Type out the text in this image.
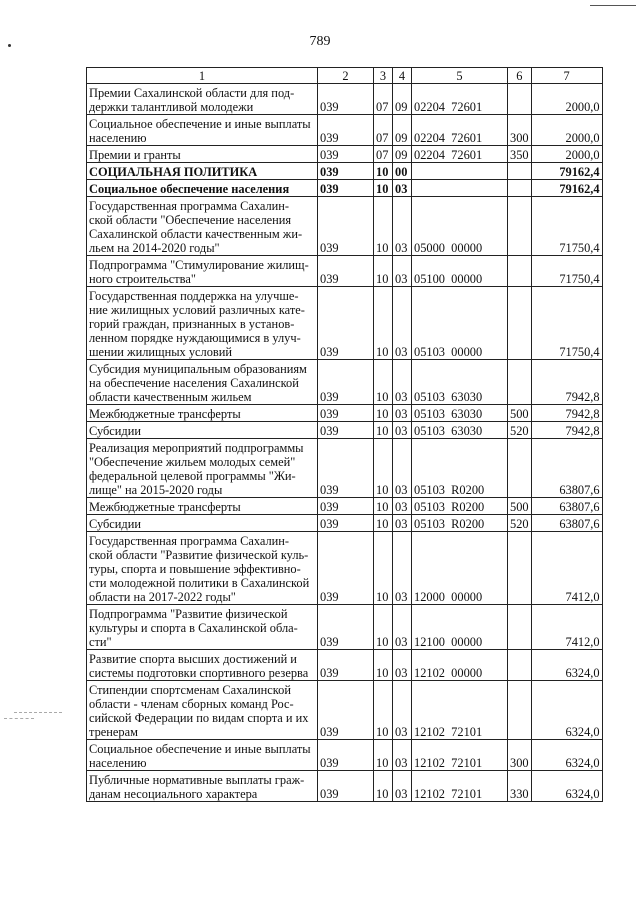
789
1	2	3	4	5	6	7
Премии Сахалинской области для под-
держки талантливой молодежи	039	07	09	02204  72601		2000,0
Социальное обеспечение и иные выплаты
населению	039	07	09	02204  72601	300	2000,0
Премии и гранты	039	07	09	02204  72601	350	2000,0
СОЦИАЛЬНАЯ ПОЛИТИКА	039	10	00			79162,4
Социальное обеспечение населения	039	10	03			79162,4
Государственная программа Сахалин-
ской области "Обеспечение населения
Сахалинской области качественным жи-
льем на 2014-2020 годы"	039	10	03	05000  00000		71750,4
Подпрограмма "Стимулирование жилищ-
ного строительства"	039	10	03	05100  00000		71750,4
Государственная поддержка на улучше-
ние жилищных условий различных кате-
горий граждан, признанных в установ-
ленном порядке нуждающимися в улуч-
шении жилищных условий	039	10	03	05103  00000		71750,4
Субсидия муниципальным образованиям
на обеспечение населения Сахалинской
области качественным жильем	039	10	03	05103  63030		7942,8
Межбюджетные трансферты	039	10	03	05103  63030	500	7942,8
Субсидии	039	10	03	05103  63030	520	7942,8
Реализация мероприятий подпрограммы
"Обеспечение жильем молодых семей"
федеральной целевой программы "Жи-
лище" на 2015-2020 годы	039	10	03	05103  R0200		63807,6
Межбюджетные трансферты	039	10	03	05103  R0200	500	63807,6
Субсидии	039	10	03	05103  R0200	520	63807,6
Государственная программа Сахалин-
ской области "Развитие физической куль-
туры, спорта и повышение эффективно-
сти молодежной политики в Сахалинской
области на 2017-2022 годы"	039	10	03	12000  00000		7412,0
Подпрограмма "Развитие физической
культуры и спорта в Сахалинской обла-
сти"	039	10	03	12100  00000		7412,0
Развитие спорта высших достижений и
системы подготовки спортивного резерва	039	10	03	12102  00000		6324,0
Стипендии спортсменам Сахалинской
области - членам сборных команд Рос-
сийской Федерации по видам спорта и их
тренерам	039	10	03	12102  72101		6324,0
Социальное обеспечение и иные выплаты
населению	039	10	03	12102  72101	300	6324,0
Публичные нормативные выплаты граж-
данам несоциального характера	039	10	03	12102  72101	330	6324,0
